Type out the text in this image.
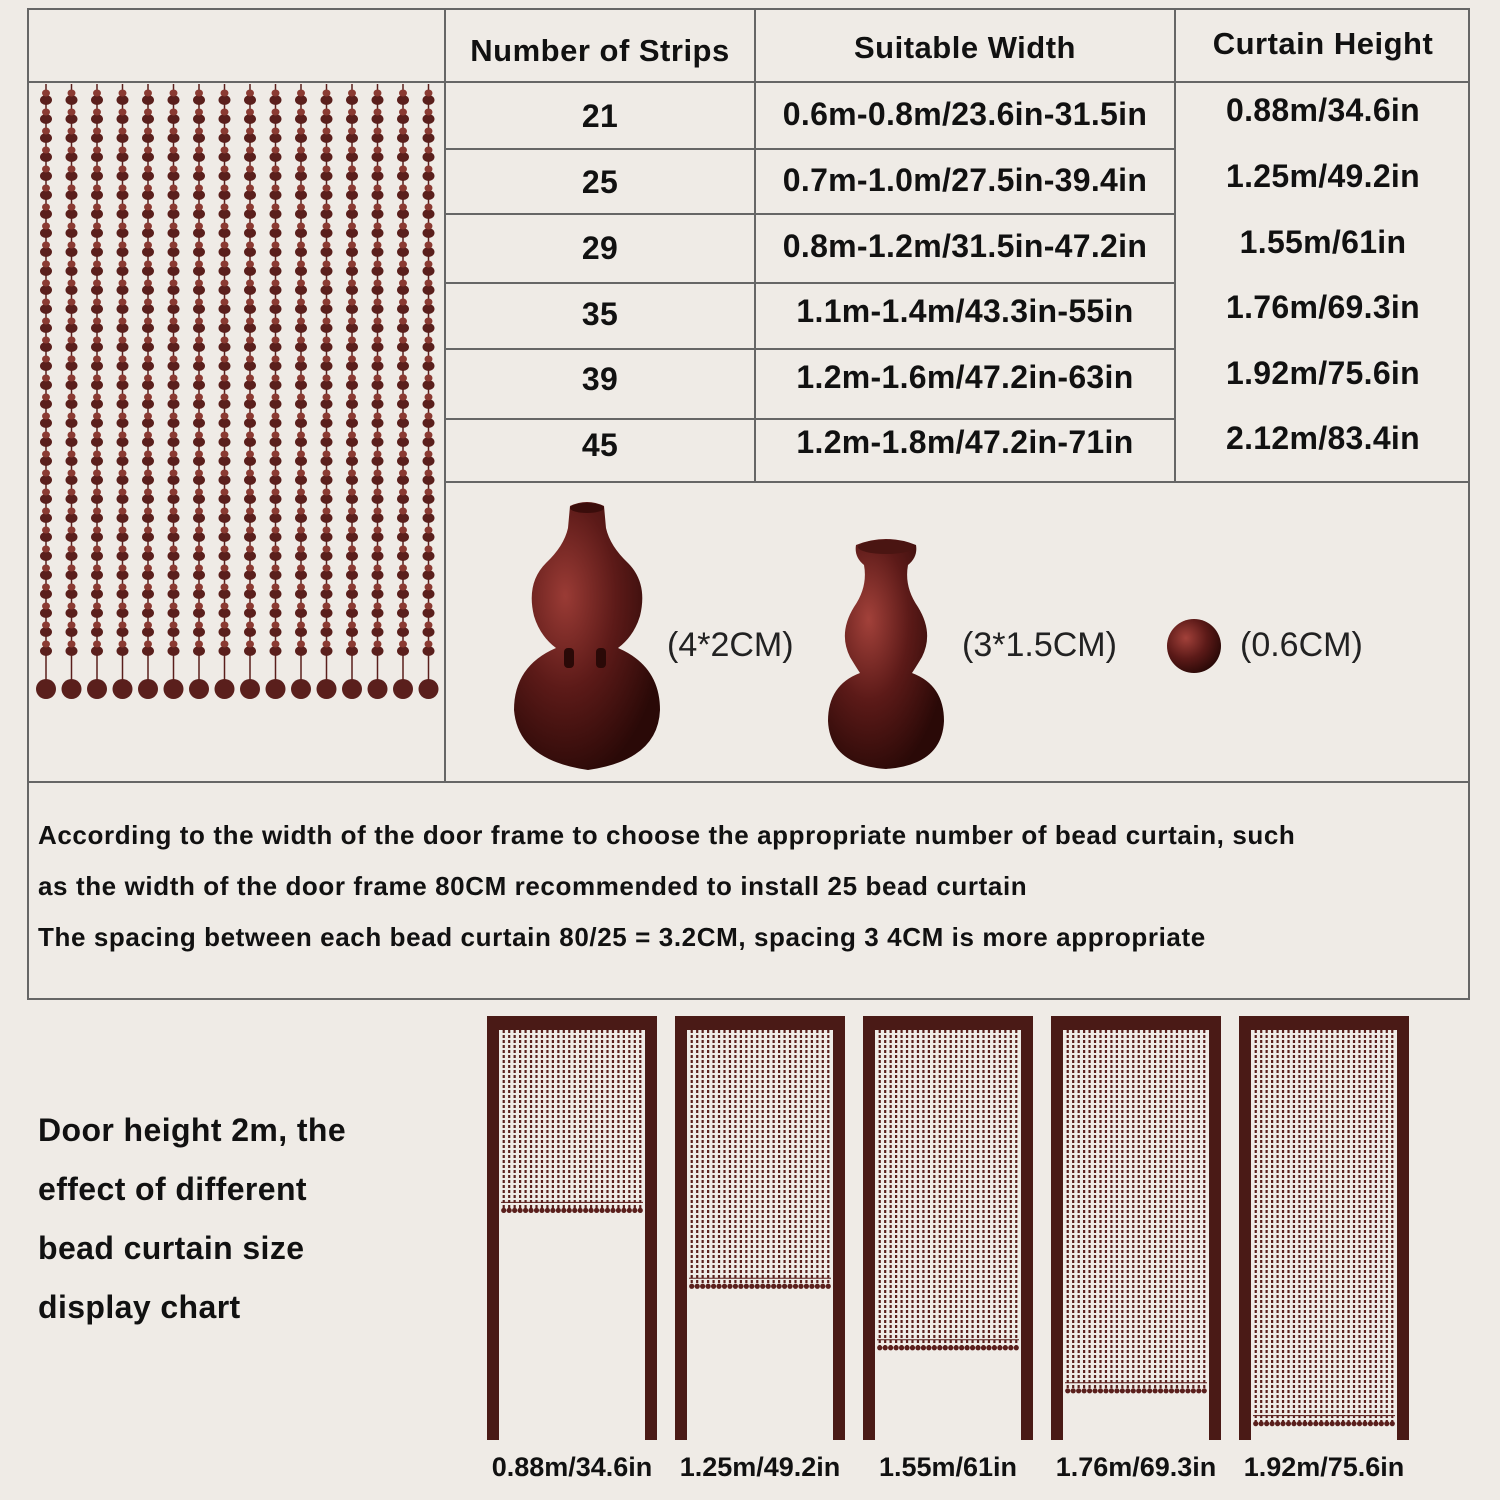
Number of Strips	Suitable Width	Curtain Height
21	0.6m-0.8m/23.6in-31.5in	0.88m/34.6in
25	0.7m-1.0m/27.5in-39.4in	1.25m/49.2in
29	0.8m-1.2m/31.5in-47.2in	1.55m/61in
35	1.1m-1.4m/43.3in-55in	1.76m/69.3in
39	1.2m-1.6m/47.2in-63in	1.92m/75.6in
45	1.2m-1.8m/47.2in-71in	2.12m/83.4in
(4*2CM)	(3*1.5CM)	(0.6CM)
According to the width of the door frame to choose the appropriate number of bead curtain, such
as the width of the door frame 80CM recommended to install 25 bead curtain
The spacing between each bead curtain 80/25 = 3.2CM, spacing 3 4CM is more appropriate
Door height 2m, the
effect of different
bead curtain size
display chart
0.88m/34.6in	1.25m/49.2in	1.55m/61in	1.76m/69.3in	1.92m/75.6in
